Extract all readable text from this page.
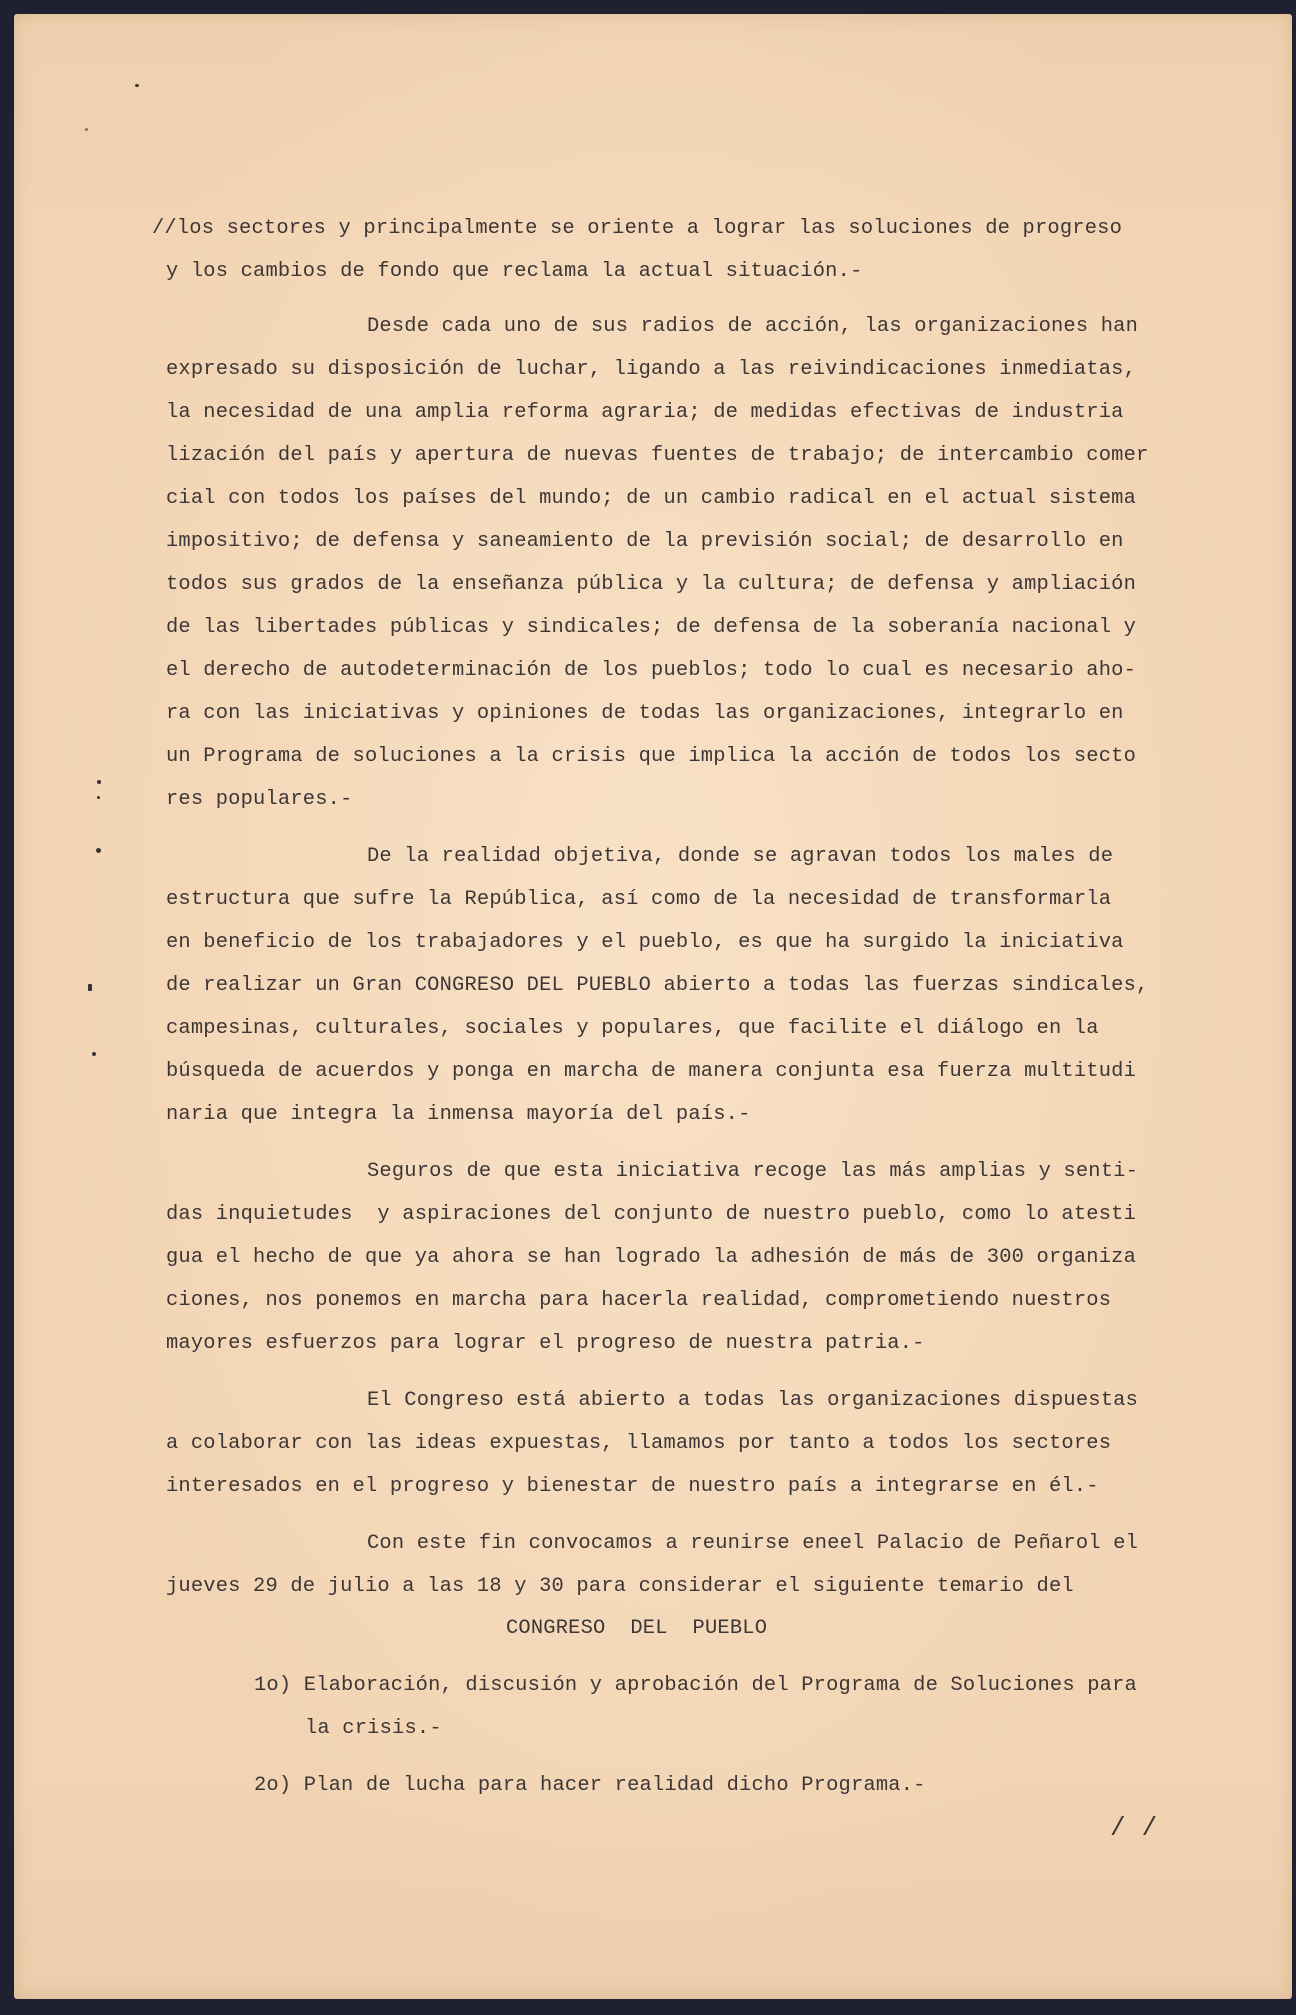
//los sectores y principalmente se oriente a lograr las soluciones de progreso
y los cambios de fondo que reclama la actual situación.-
Desde cada uno de sus radios de acción, las organizaciones han
expresado su disposición de luchar, ligando a las reivindicaciones inmediatas,
la necesidad de una amplia reforma agraria; de medidas efectivas de industria
lización del país y apertura de nuevas fuentes de trabajo; de intercambio comer
cial con todos los países del mundo; de un cambio radical en el actual sistema
impositivo; de defensa y saneamiento de la previsión social; de desarrollo en
todos sus grados de la enseñanza pública y la cultura; de defensa y ampliación
de las libertades públicas y sindicales; de defensa de la soberanía nacional y
el derecho de autodeterminación de los pueblos; todo lo cual es necesario aho-
ra con las iniciativas y opiniones de todas las organizaciones, integrarlo en
un Programa de soluciones a la crisis que implica la acción de todos los secto
res populares.-
De la realidad objetiva, donde se agravan todos los males de
estructura que sufre la República, así como de la necesidad de transformarla
en beneficio de los trabajadores y el pueblo, es que ha surgido la iniciativa
de realizar un Gran CONGRESO DEL PUEBLO abierto a todas las fuerzas sindicales,
campesinas, culturales, sociales y populares, que facilite el diálogo en la
búsqueda de acuerdos y ponga en marcha de manera conjunta esa fuerza multitudi
naria que integra la inmensa mayoría del país.-
Seguros de que esta iniciativa recoge las más amplias y senti-
das inquietudes  y aspiraciones del conjunto de nuestro pueblo, como lo atesti
gua el hecho de que ya ahora se han logrado la adhesión de más de 300 organiza
ciones, nos ponemos en marcha para hacerla realidad, comprometiendo nuestros
mayores esfuerzos para lograr el progreso de nuestra patria.-
El Congreso está abierto a todas las organizaciones dispuestas
a colaborar con las ideas expuestas, llamamos por tanto a todos los sectores
interesados en el progreso y bienestar de nuestro país a integrarse en él.-
Con este fin convocamos a reunirse eneel Palacio de Peñarol el
jueves 29 de julio a las 18 y 30 para considerar el siguiente temario del
CONGRESO  DEL  PUEBLO
1o) Elaboración, discusión y aprobación del Programa de Soluciones para
la crisis.-
2o) Plan de lucha para hacer realidad dicho Programa.-
/ /
